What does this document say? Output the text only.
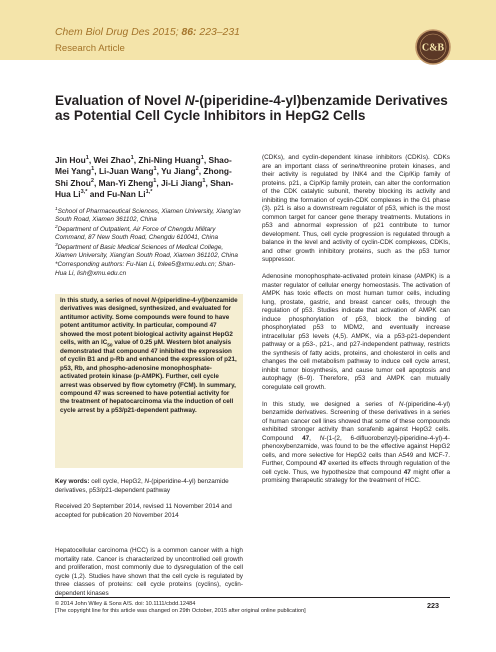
Chem Biol Drug Des 2015; 86: 223–231
Research Article	C&B
Evaluation of Novel N-(piperidine-4-yl)benzamide Derivatives as Potential Cell Cycle Inhibitors in HepG2 Cells
Jin Hou$^1$, Wei Zhao$^1$, Zhi-Ning Huang$^1$, Shao-Mei Yang$^1$, Li-Juan Wang$^1$, Yu Jiang$^2$, Zhong-Shi Zhou$^2$, Man-Yi Zheng$^1$, Ji-Li Jiang$^1$, Shan-Hua $Li^{3,*}$ and Fu-Nan $Li^{1,*}$

$^1$School of Pharmaceutical Sciences, Xiamen University, Xiang'an South Road, Xiamen 361102, China

$^2$Department of Outpatient, Air Force of Chengdu Military Command, 87 New South Road, Chengdu 610041, China

$^3$Department of Basic Medical Sciences of Medical College, Xiamen University, Xiang'an South Road, Xiamen 361102, China

*Corresponding authors: Fu-Nan Li, fnlee5@xmu.edu.cn; Shan-Hua Li, lish@xmu.edu.cn

In this study, a series of novel N-(piperidine-4-yl)benzamide derivatives was designed, synthesized, and evaluated for antitumor activity. Some compounds were found to have potent antitumor activity. In particular, compound 47 showed the most potent biological activity against HepG2 cells, with an $IC_{50}$ value of 0.25 μM. Western blot analysis demonstrated that compound 47 inhibited the expression of cyclin B1 and p-Rb and enhanced the expression of p21, p53, Rb, and phospho-adenosine monophosphate-activated protein kinase (p-AMPK). Further, cell cycle arrest was observed by flow cytometry (FCM). In summary, compound 47 was screened to have potential activity for the treatment of hepatocarcinoma via the induction of cell cycle arrest by a p53/p21-dependent pathway.
Key words: cell cycle, HepG2, N-(piperidine-4-yl) benzamide derivatives, p53/p21-dependent pathway
Received 20 September 2014, revised 11 November 2014 and accepted for publication 20 November 2014

Hepatocellular carcinoma (HCC) is a common cancer with a high mortality rate. Cancer is characterized by uncontrolled cell growth and proliferation, most commonly due to dysregulation of the cell cycle (1,2). Studies have shown that the cell cycle is regulated by three classes of proteins: cell cycle proteins (cyclins), cyclin-dependent kinases

(CDKs), and cyclin-dependent kinase inhibitors (CDKIs). CDKs are an important class of serine/threonine protein kinases, and their activity is regulated by INK4 and the Cip/Kip family of proteins. p21, a Cip/Kip family protein, can alter the conformation of the CDK catalytic subunit, thereby blocking its activity and inhibiting the formation of cyclin-CDK complexes in the G1 phase (3). p21 is also a downstream regulator of p53, which is the most common target for cancer gene therapy treatments. Mutations in p53 and abnormal expression of p21 contribute to tumor development. Thus, cell cycle progression is regulated through a balance in the level and activity of cyclin-CDK complexes, CDKIs, and other growth inhibitory proteins, such as the p53 tumor suppressor.

Adenosine monophosphate-activated protein kinase (AMPK) is a master regulator of cellular energy homeostasis. The activation of AMPK has toxic effects on most human tumor cells, including lung, prostate, gastric, and breast cancer cells, through the regulation of p53. Studies indicate that activation of AMPK can induce phosphorylation of p53, block the binding of phosphorylated p53 to MDM2, and eventually increase intracellular p53 levels (4,5). AMPK, via a p53-p21-dependent pathway or a p53-, p21-, and p27-independent pathway, restricts the synthesis of fatty acids, proteins, and cholesterol in cells and changes the cell metabolism pathway to induce cell cycle arrest, inhibit tumor biosynthesis, and cause tumor cell apoptosis and autophagy (6–9). Therefore, p53 and AMPK can mutually coregulate cell growth.

In this study, we designed a series of N-(piperidine-4-yl) benzamide derivatives. Screening of these derivatives in a series of human cancer cell lines showed that some of these compounds exhibited stronger activity than sorafenib against HepG2 cells. Compound 47, N-(1-(2, 6-difluorobenzyl)-piperidine-4-yl)-4-phenoxybenzamide, was found to be the effective against HepG2 cells, and more selective for HepG2 cells than A549 and MCF-7. Further, Compound 47 exerted its effects through regulation of the cell cycle. Thus, we hypothesize that compound 47 might offer a promising therapeutic strategy for the treatment of HCC.

© 2014 John Wiley & Sons A/S. doi: 10.1111/cbdd.12484
[The copyright line for this article was changed on 29th October, 2015 after original online publication]
223
